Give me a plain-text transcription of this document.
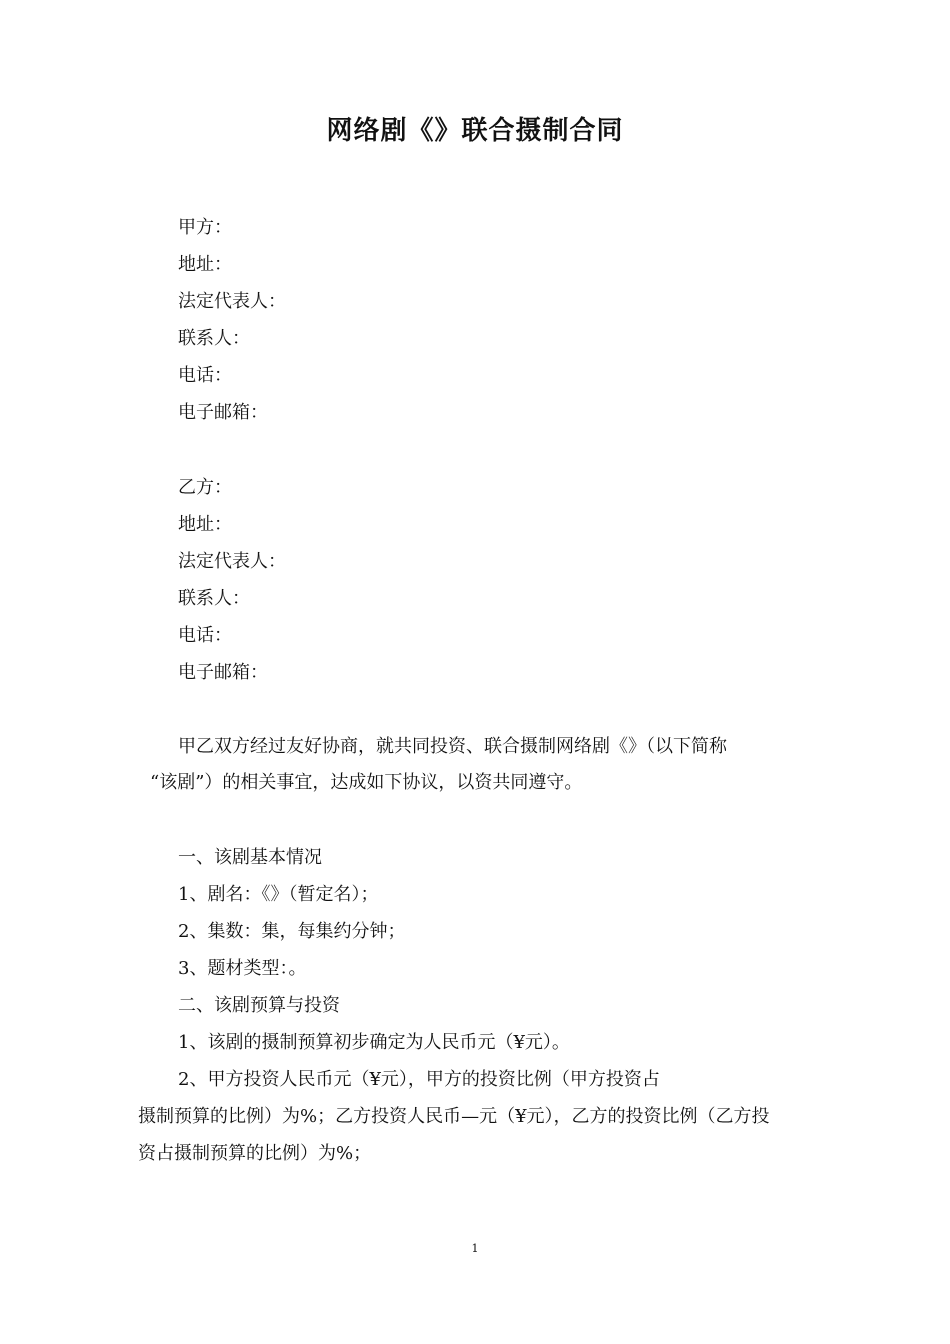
网络剧《》联合摄制合同
甲方：
地址：
法定代表人：
联系人：
电话：
电子邮箱：
乙方：
地址：
法定代表人：
联系人：
电话：
电子邮箱：
甲乙双方经过友好协商，就共同投资、联合摄制网络剧《》（以下简称
“该剧”）的相关事宜，达成如下协议，以资共同遵守。
一、该剧基本情况
1、剧名：《》（暂定名）；
2、集数：集，每集约分钟；
3、题材类型：。
二、该剧预算与投资
1、该剧的摄制预算初步确定为人民币元（¥元）。
2、甲方投资人民币元（¥元），甲方的投资比例（甲方投资占
摄制预算的比例）为%；乙方投资人民币—元（¥元），乙方的投资比例（乙方投
资占摄制预算的比例）为%；
1
